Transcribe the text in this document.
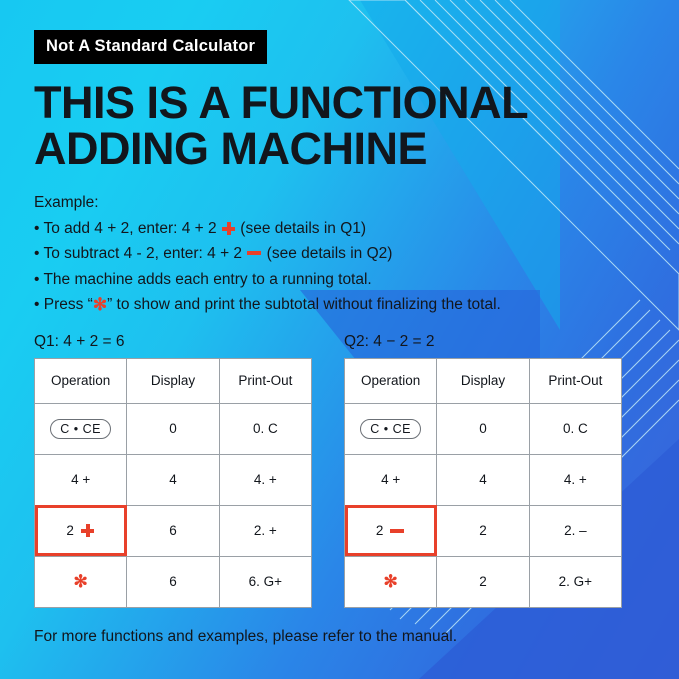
Not A Standard Calculator
THIS IS A FUNCTIONAL
ADDING MACHINE

Example:

• To add 4 + 2, enter: 4 + 2 (see details in Q1)

• To subtract 4 - 2, enter: 4 + 2 (see details in Q2)

• The machine adds each entry to a running total.

• Press “✻” to show and print the subtotal without finalizing the total.

Q1: 4 + 2 = 6
Operation	Display	Print-Out

C • CE	0	0. C
4 +	4	4. +

2	6	2. +

✻	6	6. G+
Q2: 4 − 2 = 2
Operation	Display	Print-Out

C • CE	0	0. C
4 +	4	4. +

2	2	2. –

✻	2	2. G+
For more functions and examples, please refer to the manual.
